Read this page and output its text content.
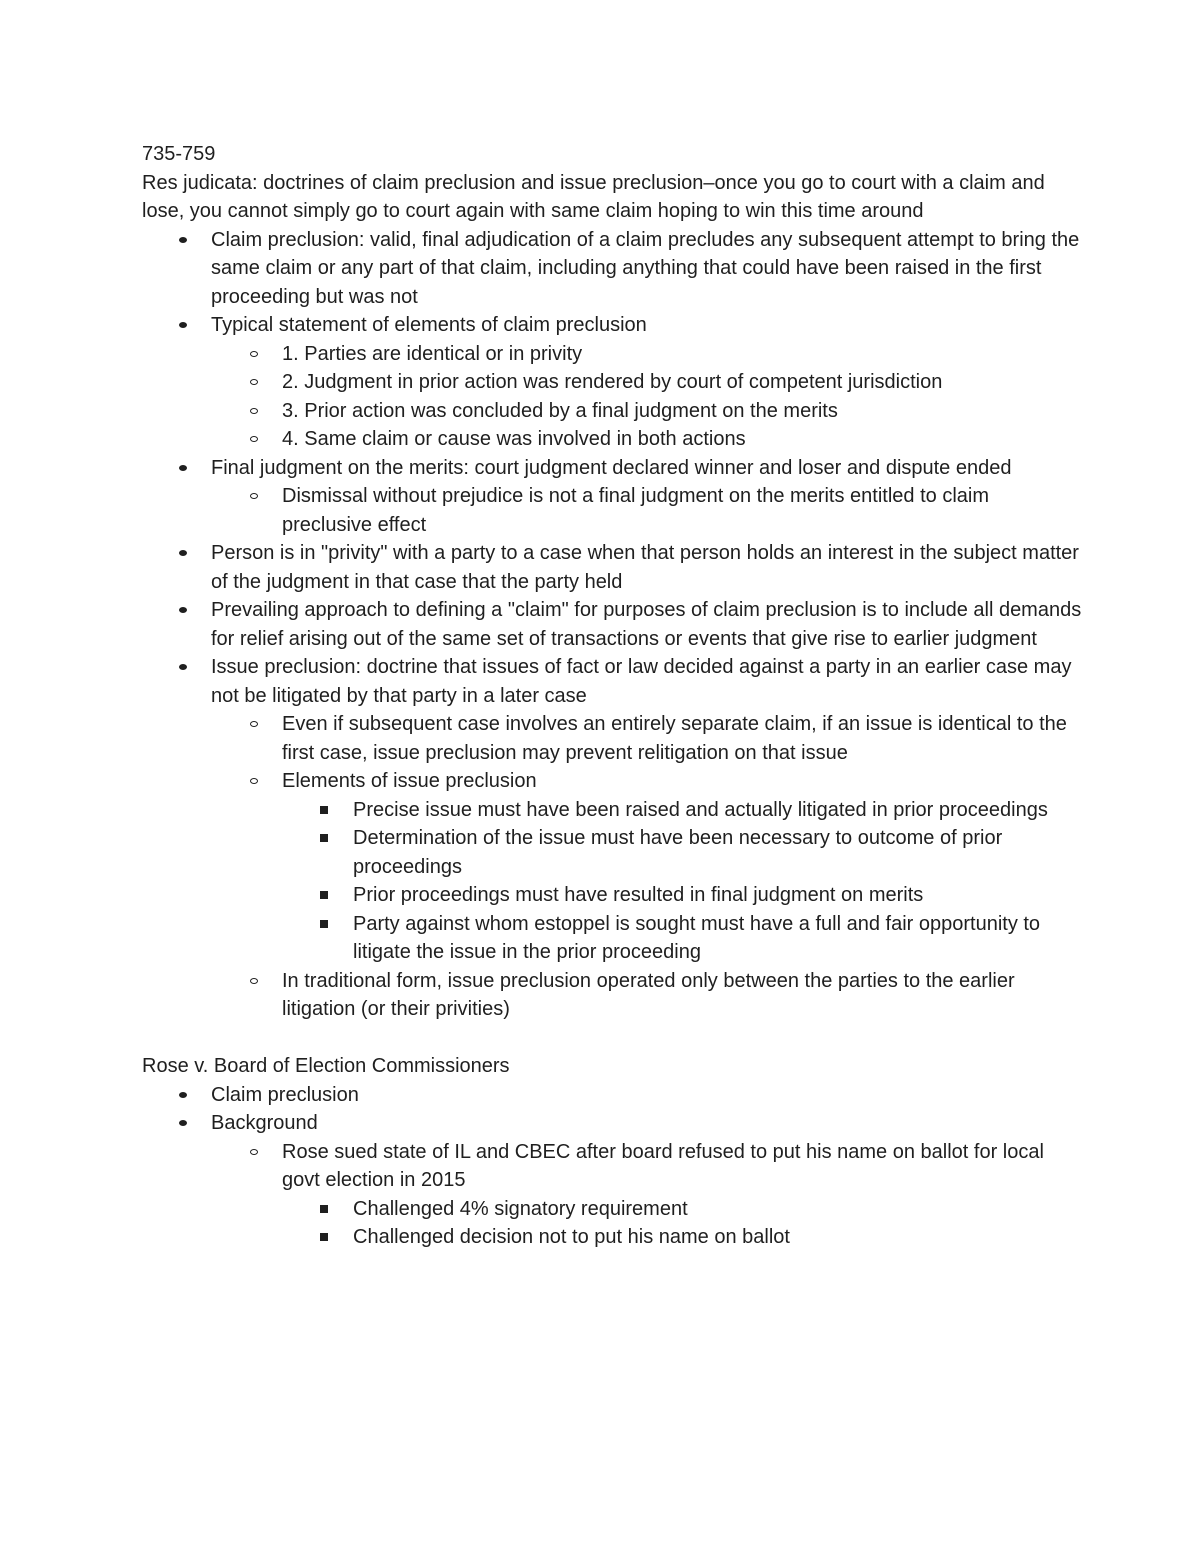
735-759

Res judicata: doctrines of claim preclusion and issue preclusion–once you go to court with a claim and lose, you cannot simply go to court again with same claim hoping to win this time around

Claim preclusion: valid, final adjudication of a claim precludes any subsequent attempt to bring the same claim or any part of that claim, including anything that could have been raised in the first proceeding but was not
Typical statement of elements of claim preclusion
1. Parties are identical or in privity
2. Judgment in prior action was rendered by court of competent jurisdiction
3. Prior action was concluded by a final judgment on the merits
4. Same claim or cause was involved in both actions
Final judgment on the merits: court judgment declared winner and loser and dispute ended
Dismissal without prejudice is not a final judgment on the merits entitled to claim preclusive effect
Person is in "privity" with a party to a case when that person holds an interest in the subject matter of the judgment in that case that the party held
Prevailing approach to defining a "claim" for purposes of claim preclusion is to include all demands for relief arising out of the same set of transactions or events that give rise to earlier judgment
Issue preclusion: doctrine that issues of fact or law decided against a party in an earlier case may not be litigated by that party in a later case
Even if subsequent case involves an entirely separate claim, if an issue is identical to the first case, issue preclusion may prevent relitigation on that issue
Elements of issue preclusion
Precise issue must have been raised and actually litigated in prior proceedings
Determination of the issue must have been necessary to outcome of prior proceedings
Prior proceedings must have resulted in final judgment on merits
Party against whom estoppel is sought must have a full and fair opportunity to litigate the issue in the prior proceeding
In traditional form, issue preclusion operated only between the parties to the earlier litigation (or their privities)

Rose v. Board of Election Commissioners

Claim preclusion
Background
Rose sued state of IL and CBEC after board refused to put his name on ballot for local govt election in 2015
Challenged 4% signatory requirement
Challenged decision not to put his name on ballot
